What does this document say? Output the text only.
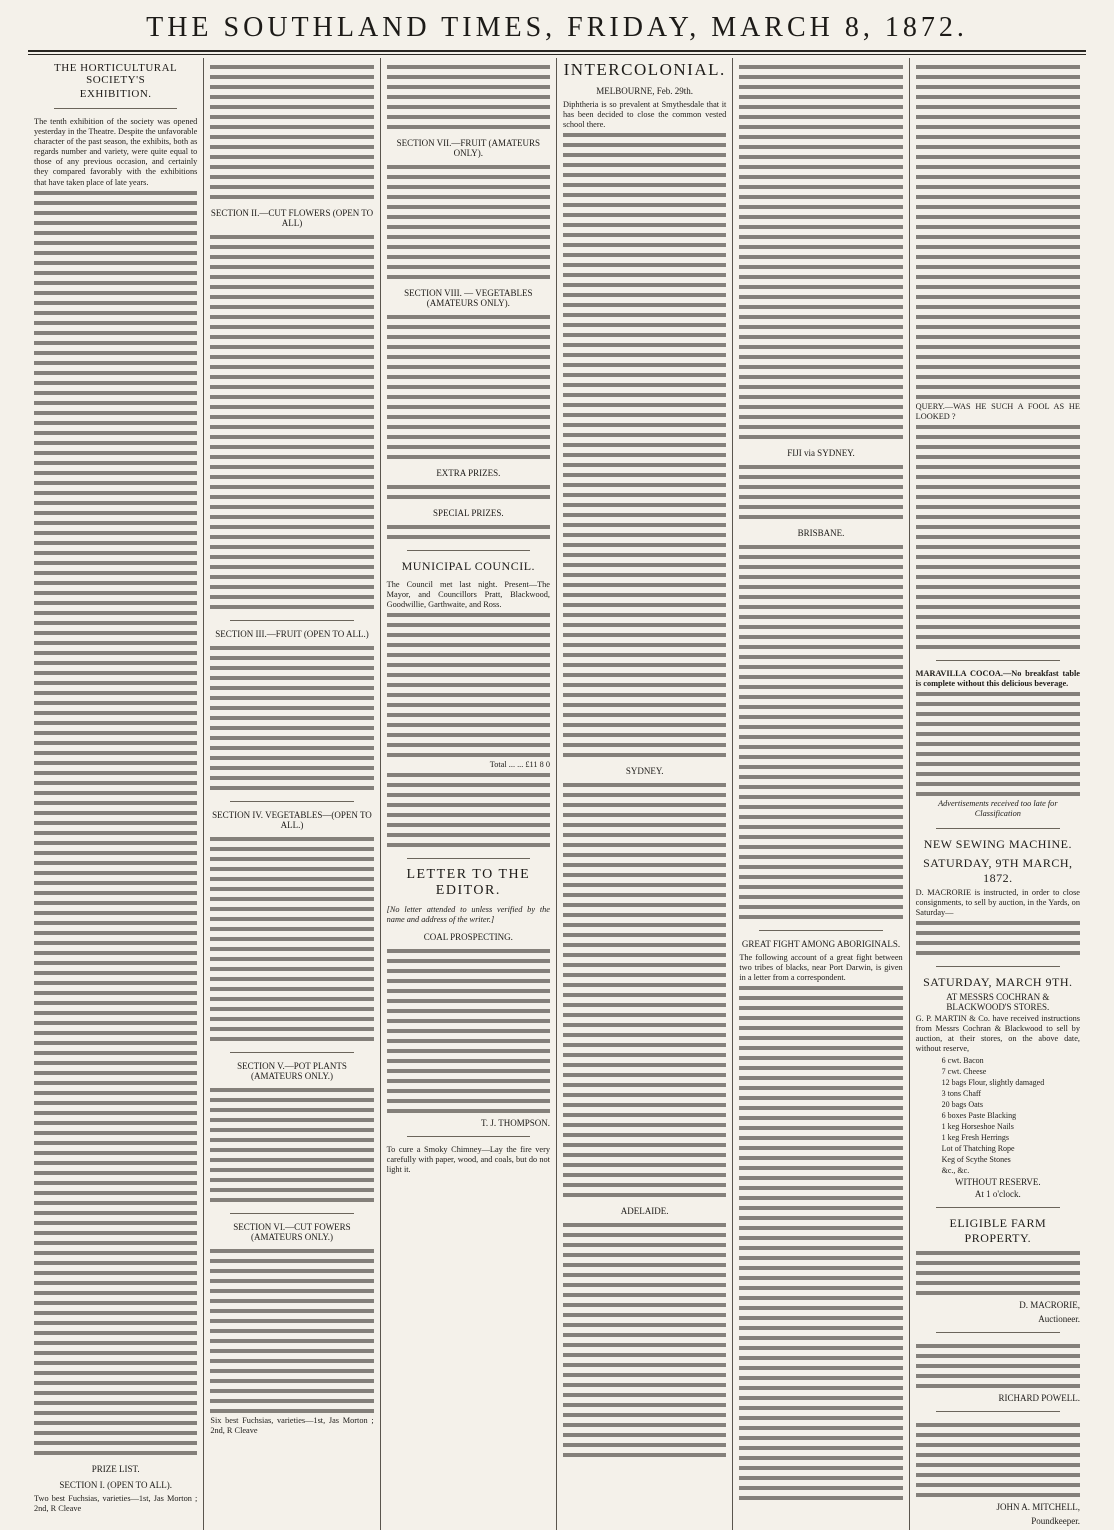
THE SOUTHLAND TIMES, FRIDAY, MARCH 8, 1872.
THE HORTICULTURAL SOCIETY'S
EXHIBITION.

The tenth exhibition of the society was opened yesterday in the Theatre. Despite the unfavorable character of the past season, the exhibits, both as regards number and variety, were quite equal to those of any previous occasion, and certainly they compared favorably with the exhibitions that have taken place of late years.

PRIZE LIST.
SECTION I. (OPEN TO ALL).

Two best Fuchsias, varieties—1st, Jas Morton ; 2nd, R Cleave

SECTION II.—CUT FLOWERS (OPEN TO ALL)
SECTION III.—FRUIT (OPEN TO ALL.)
SECTION IV. VEGETABLES—(OPEN TO ALL.)
SECTION V.—POT PLANTS (AMATEURS ONLY.)
SECTION VI.—CUT FOWERS (AMATEURS ONLY.)

Six best Fuchsias, varieties—1st, Jas Morton ; 2nd, R Cleave

SECTION VII.—FRUIT (AMATEURS ONLY).
SECTION VIII. — VEGETABLES (AMATEURS ONLY).
EXTRA PRIZES.
SPECIAL PRIZES.
MUNICIPAL COUNCIL.

The Council met last night. Present—The Mayor, and Councillors Pratt, Blackwood, Goodwillie, Garthwaite, and Ross.

Total ... ... £11 8 0

LETTER TO THE EDITOR.

[No letter attended to unless verified by the name and address of the writer.]

COAL PROSPECTING.
T. J. THOMPSON.

To cure a Smoky Chimney—Lay the fire very carefully with paper, wood, and coals, but do not light it.

INTERCOLONIAL.
MELBOURNE, Feb. 29th.

Diphtheria is so prevalent at Smythesdale that it has been decided to close the common vested school there.

SYDNEY.
ADELAIDE.
FIJI via SYDNEY.
BRISBANE.
GREAT FIGHT AMONG ABORIGINALS.

The following account of a great fight between two tribes of blacks, near Port Darwin, is given in a letter from a correspondent.

QUERY.—WAS HE SUCH A FOOL AS HE LOOKED ?

MARAVILLA COCOA.—No breakfast table is complete without this delicious beverage.

Advertisements received too late for Classification

NEW SEWING MACHINE.
SATURDAY, 9TH MARCH, 1872.

D. MACRORIE is instructed, in order to close consignments, to sell by auction, in the Yards, on Saturday—

SATURDAY, MARCH 9TH.
AT MESSRS COCHRAN & BLACKWOOD'S STORES.

G. P. MARTIN & Co. have received instructions from Messrs Cochran & Blackwood to sell by auction, at their stores, on the above date, without reserve,

6 cwt. Bacon
7 cwt. Cheese
12 bags Flour, slightly damaged
3 tons Chaff
20 bags Oats
6 boxes Paste Blacking
1 keg Horseshoe Nails
1 keg Fresh Herrings
Lot of Thatching Rope
Keg of Scythe Stones
&c., &c.
WITHOUT RESERVE.
At 1 o'clock.
ELIGIBLE FARM PROPERTY.
D. MACRORIE,
Auctioneer.
RICHARD POWELL.
JOHN A. MITCHELL,
Poundkeeper.
